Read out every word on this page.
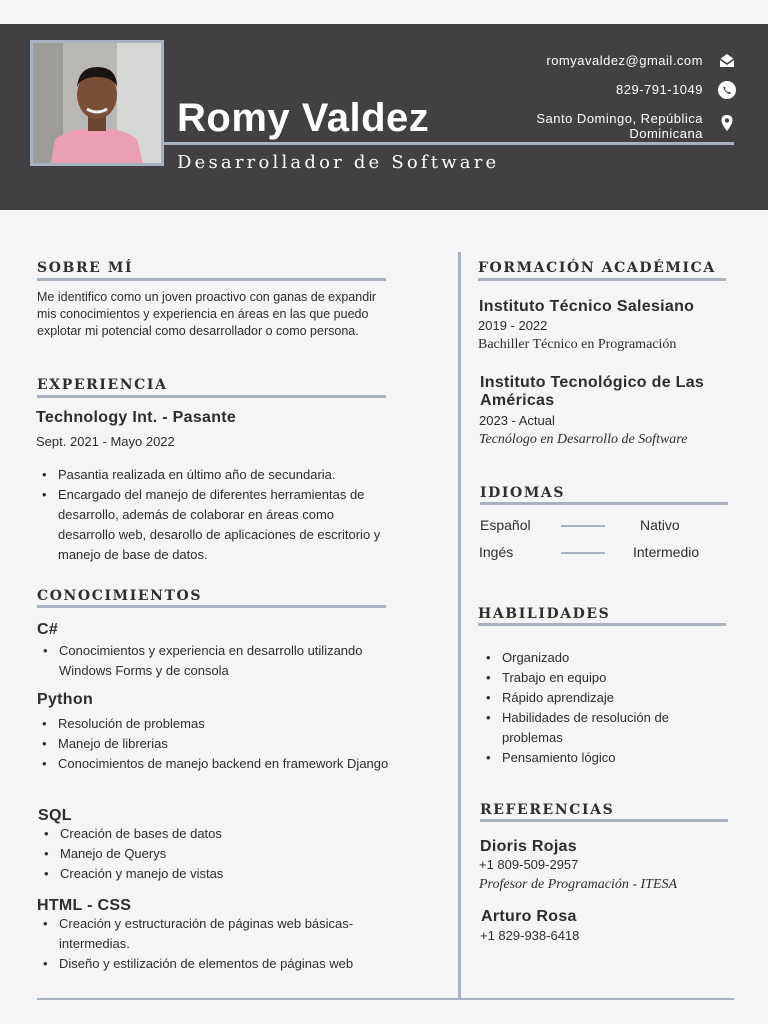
Romy Valdez
Desarrollador de Software
romyavaldez@gmail.com
829-791-1049
Santo Domingo, República
Dominicana
SOBRE MÍ
Me identifico como un joven proactivo con ganas de expandir mis conocimientos y experiencia en áreas en las que puedo explotar mi potencial como desarrollador o como persona.
EXPERIENCIA
Technology Int. - Pasante
Sept. 2021 - Mayo 2022
• Pasantia realizada en último año de secundaria.
• Encargado del manejo de diferentes herramientas de desarrollo, además de colaborar en áreas como desarrollo web, desarollo de aplicaciones de escritorio y manejo de base de datos.
CONOCIMIENTOS
C#
• Conocimientos y experiencia en desarrollo utilizando Windows Forms y de consola
Python
• Resolución de problemas
• Manejo de librerias
• Conocimientos de manejo backend en framework Django
SQL
• Creación de bases de datos
• Manejo de Querys
• Creación y manejo de vistas
HTML - CSS
• Creación y estructuración de páginas web básicas- intermedias.
• Diseño y estilización de elementos de páginas web
FORMACIÓN ACADÉMICA
Instituto Técnico Salesiano
2019 - 2022
Bachiller Técnico en Programación
Instituto Tecnológico de Las
Américas
2023 - Actual
Tecnólogo en Desarrollo de Software
IDIOMAS
Español	Nativo
Ingés	Intermedio
HABILIDADES
• Organizado
• Trabajo en equipo
• Rápido aprendizaje
• Habilidades de resolución de problemas
• Pensamiento lógico
REFERENCIAS
Dioris Rojas
+1 809-509-2957
Profesor de Programación - ITESA
Arturo Rosa
+1 829-938-6418
